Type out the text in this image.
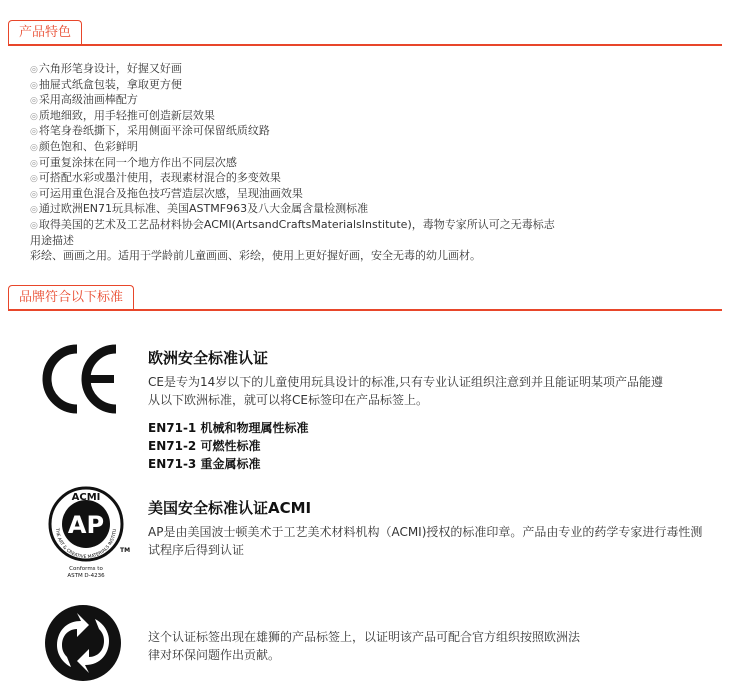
产品特色
◎六角形笔身设计，好握又好画
◎抽屉式纸盒包装，拿取更方便
◎采用高级油画棒配方
◎质地细致，用手轻推可创造新层效果
◎将笔身卷纸撕下，采用侧面平涂可保留纸质纹路
◎颜色饱和、色彩鲜明
◎可重复涂抹在同一个地方作出不同层次感
◎可搭配水彩或墨汁使用，表现素材混合的多变效果
◎可运用重色混合及拖色技巧营造层次感，呈现油画效果
◎通过欧洲EN71玩具标准、美国ASTMF963及八大金属含量检测标准
◎取得美国的艺术及工艺品材料协会ACMI(ArtsandCraftsMaterialsInstitute)，毒物专家所认可之无毒标志
用途描述
彩绘、画画之用。适用于学龄前儿童画画、彩绘，使用上更好握好画，安全无毒的幼儿画材。
品牌符合以下标准
欧洲安全标准认证
CE是专为14岁以下的儿童使用玩具设计的标准,只有专业认证组织注意到并且能证明某项产品能遵从以下欧洲标准，就可以将CE标签印在产品标签上。
EN71-1 机械和物理属性标准
EN71-2 可燃性标准
EN71-3 重金属标准
ACMI
AP
THE ART & CREATIVE MATERIALS INSTITU
TM
Conforms to
ASTM D-4236
美国安全标准认证ACMI
AP是由美国波士顿美术于工艺美术材料机构（ACMI)授权的标准印章。产品由专业的药学专家进行毒性测试程序后得到认证
这个认证标签出现在雄狮的产品标签上，以证明该产品可配合官方组织按照欧洲法律对环保问题作出贡献。
